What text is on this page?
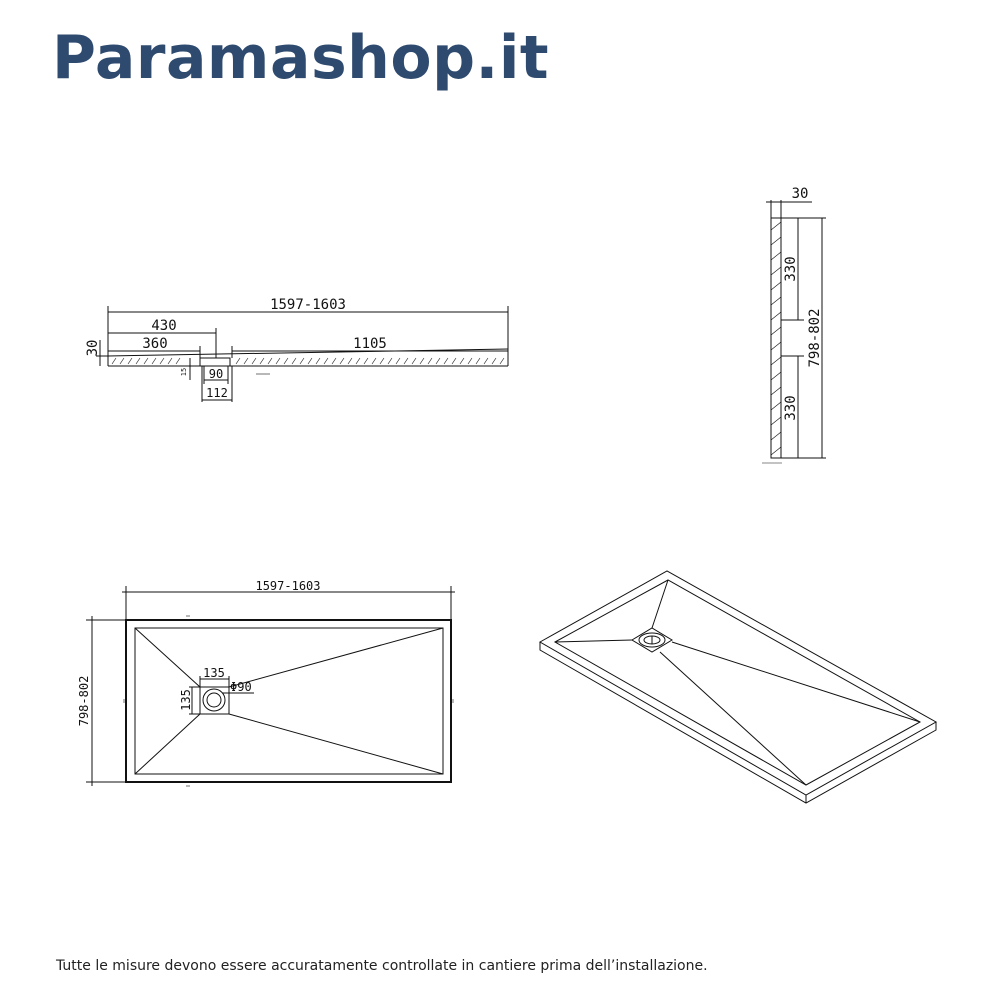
Paramashop.it
1597-1603
430
360	1105
30
15 90
112
30
330
330
798-802
1597-1603
798-802
135
135
Φ90
Tutte le misure devono essere accuratamente controllate in cantiere prima dell’installazione.
